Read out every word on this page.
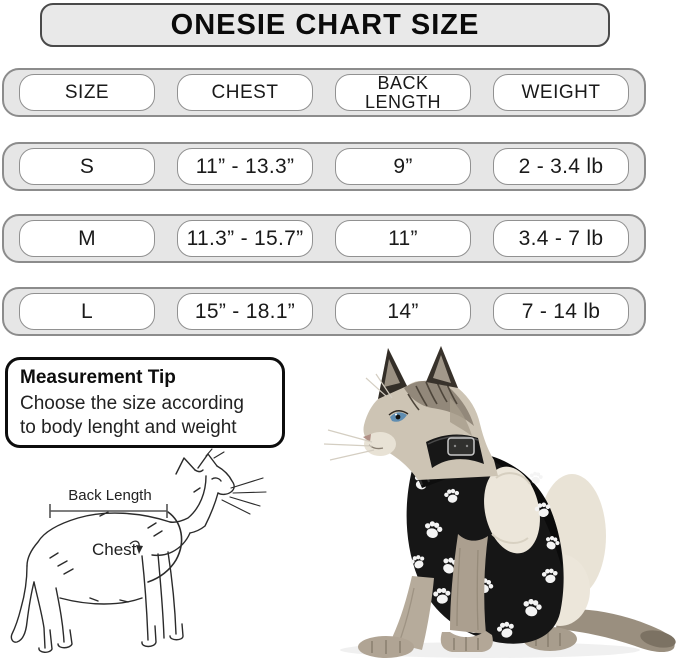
ONESIE CHART SIZE
SIZE	CHEST	BACK LENGTH	WEIGHT
S	11” - 13.3”	9”	2 - 3.4 lb
M	11.3” - 15.7”	11”	3.4 - 7 lb
L	15” - 18.1”	14”	7 - 14 lb
Measurement Tip
Choose the size according
to body lenght and weight
Back Length
Chest
